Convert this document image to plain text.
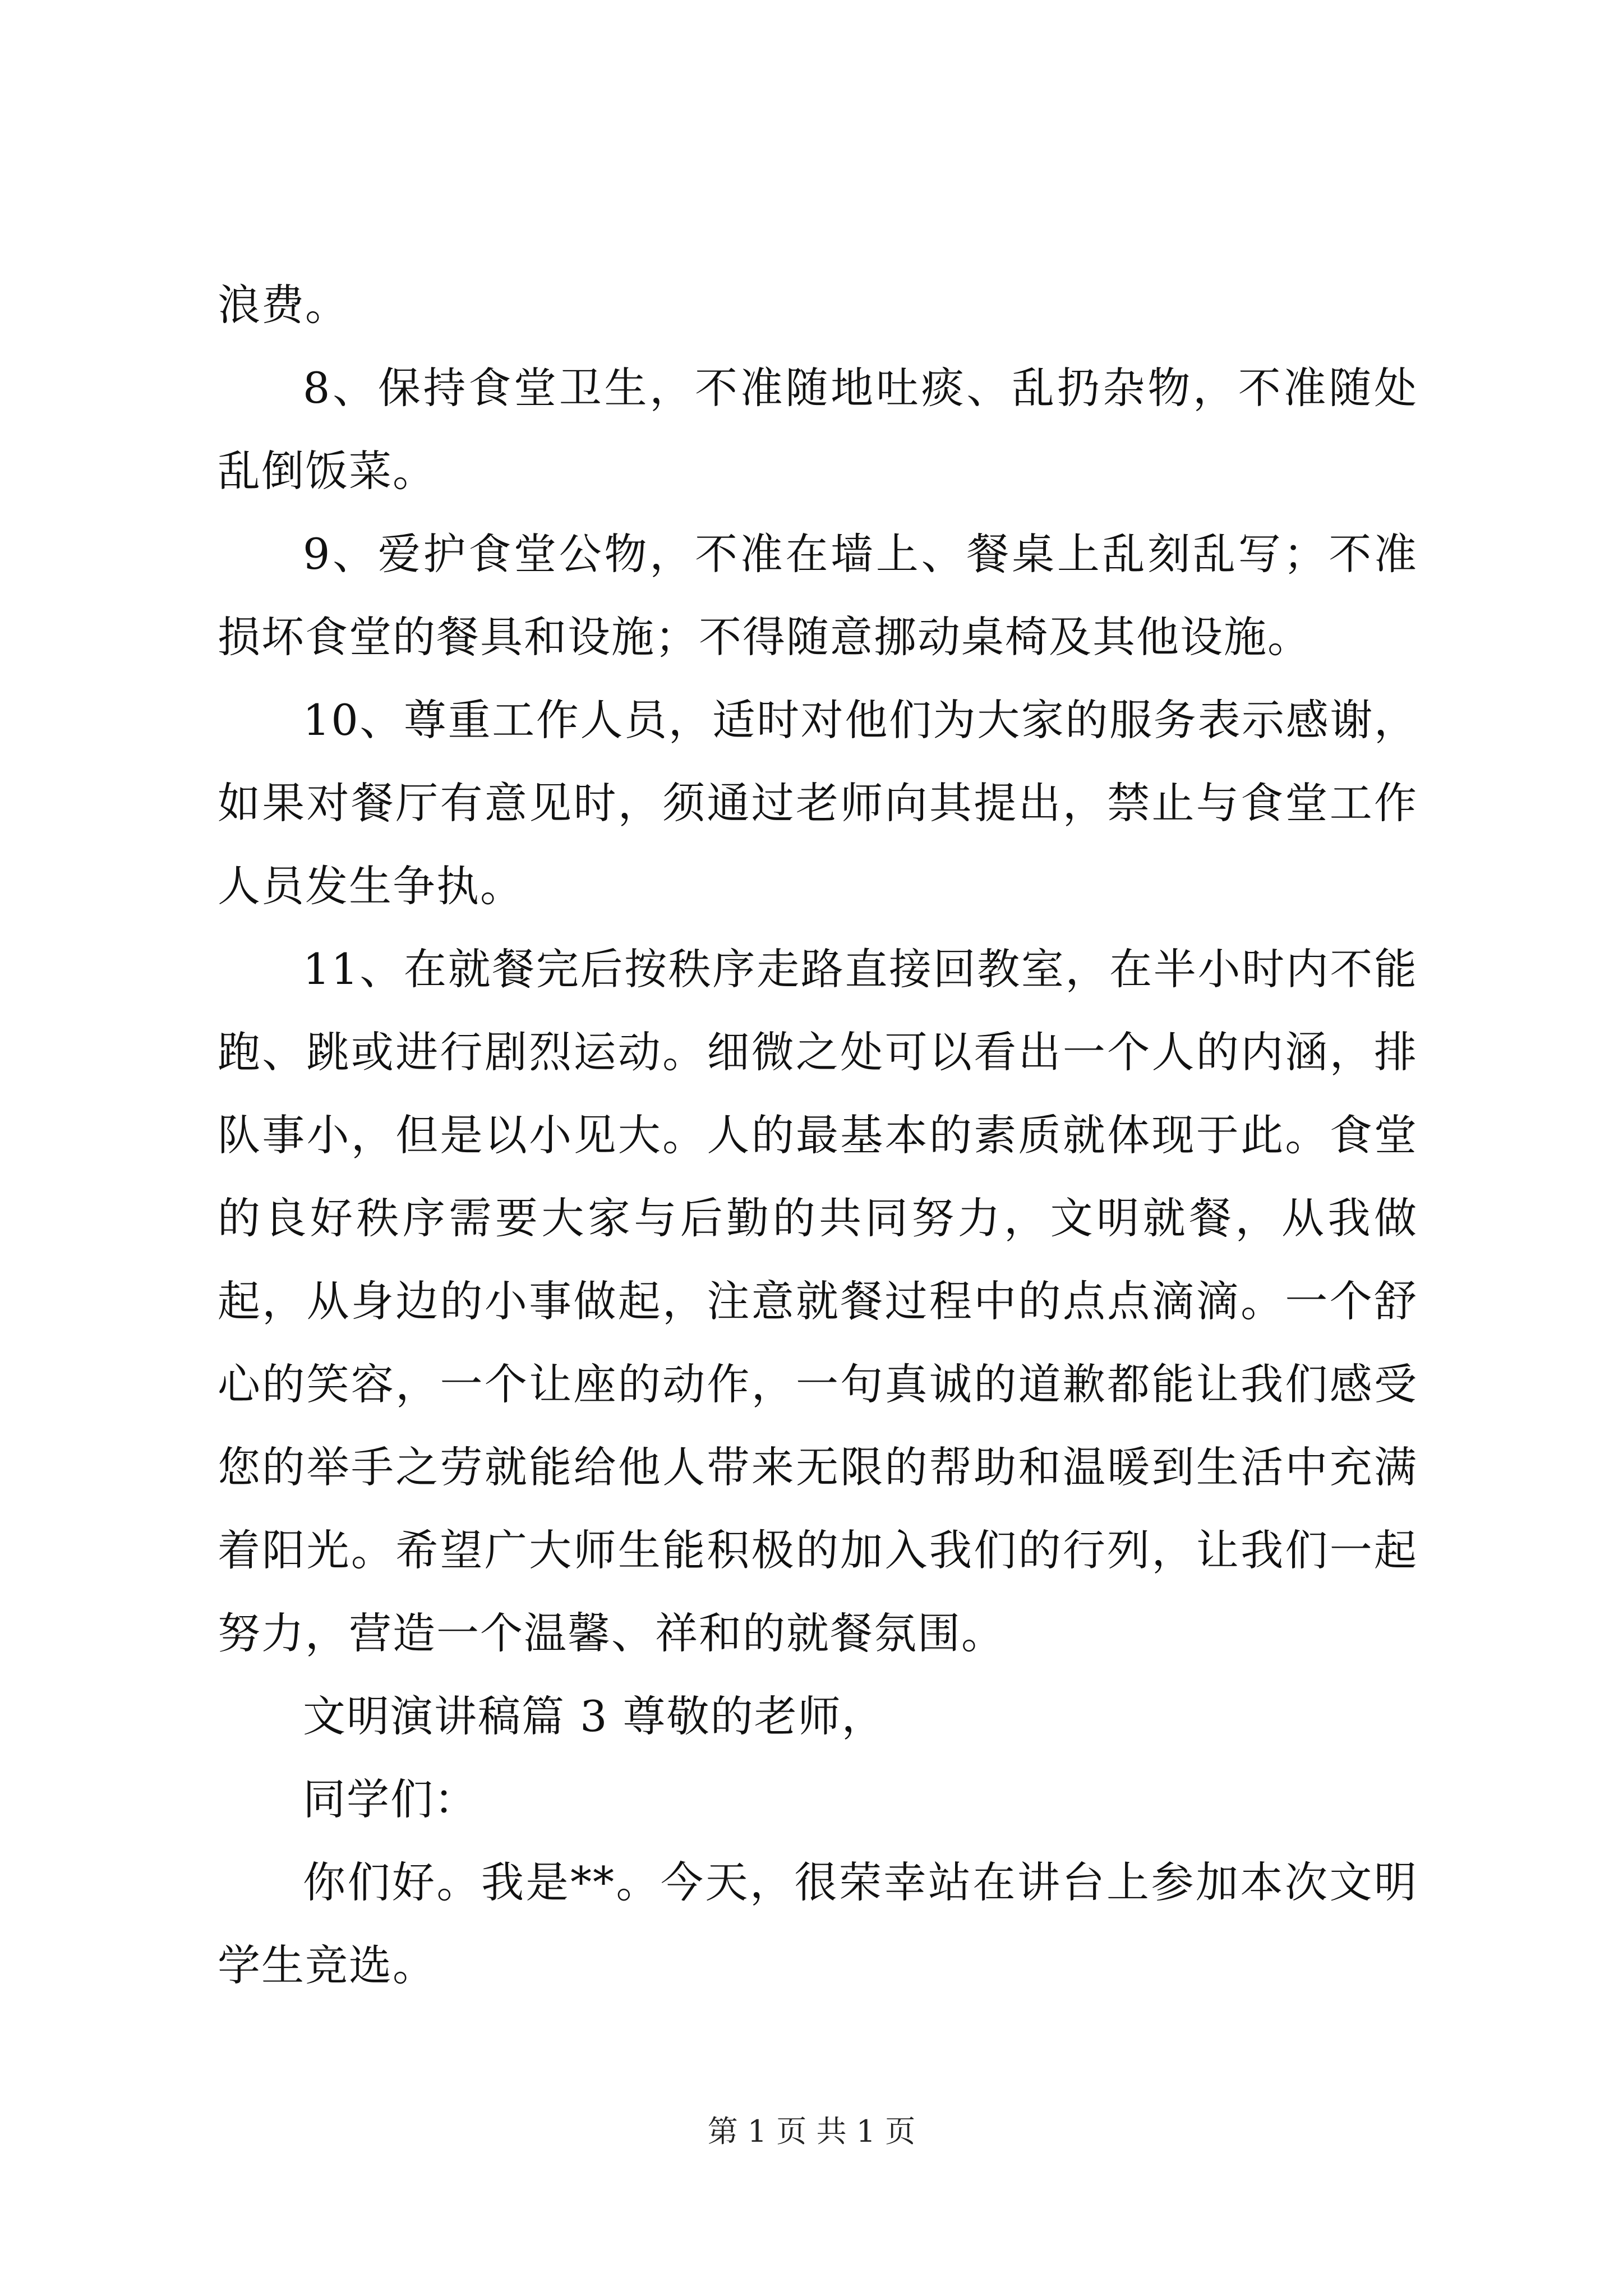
浪费。

8、保持食堂卫生，不准随地吐痰、乱扔杂物，不准随处乱倒饭菜。

9、爱护食堂公物，不准在墙上、餐桌上乱刻乱写；不准损坏食堂的餐具和设施；不得随意挪动桌椅及其他设施。

10、尊重工作人员，适时对他们为大家的服务表示感谢，如果对餐厅有意见时，须通过老师向其提出，禁止与食堂工作人员发生争执。

11、在就餐完后按秩序走路直接回教室，在半小时内不能跑、跳或进行剧烈运动。细微之处可以看出一个人的内涵，排队事小，但是以小见大。人的最基本的素质就体现于此。食堂的良好秩序需要大家与后勤的共同努力，文明就餐，从我做起，从身边的小事做起，注意就餐过程中的点点滴滴。一个舒心的笑容，一个让座的动作，一句真诚的道歉都能让我们感受您的举手之劳就能给他人带来无限的帮助和温暖到生活中充满着阳光。希望广大师生能积极的加入我们的行列，让我们一起努力，营造一个温馨、祥和的就餐氛围。

文明演讲稿篇 3 尊敬的老师，

同学们：

你们好。我是**。今天，很荣幸站在讲台上参加本次文明学生竞选。

第 1 页 共 1 页
